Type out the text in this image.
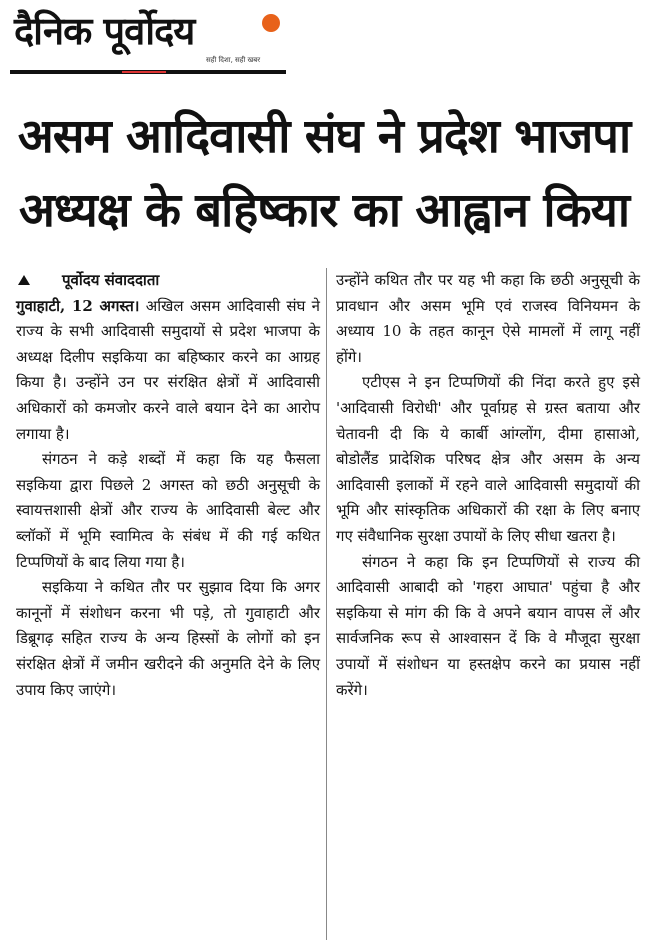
दैनिक पूर्वोदय
सही दिशा, सही खबर
असम आदिवासी संघ ने प्रदेश भाजपा
अध्यक्ष के बहिष्कार का आह्वान किया

पूर्वोदय संवाददाता

गुवाहाटी, 12 अगस्त। अखिल असम आदिवासी संघ ने राज्य के सभी आदिवासी समुदायों से प्रदेश भाजपा के अध्यक्ष दिलीप सइकिया का बहिष्कार करने का आग्रह किया है। उन्होंने उन पर संरक्षित क्षेत्रों में आदिवासी अधिकारों को कमजोर करने वाले बयान देने का आरोप लगाया है।

संगठन ने कड़े शब्दों में कहा कि यह फैसला सइकिया द्वारा पिछले 2 अगस्त को छठी अनुसूची के स्वायत्तशासी क्षेत्रों और राज्य के आदिवासी बेल्ट और ब्लॉकों में भूमि स्वामित्व के संबंध में की गई कथित टिप्पणियों के बाद लिया गया है।

सइकिया ने कथित तौर पर सुझाव दिया कि अगर कानूनों में संशोधन करना भी पड़े, तो गुवाहाटी और डिब्रूगढ़ सहित राज्य के अन्य हिस्सों के लोगों को इन संरक्षित क्षेत्रों में जमीन खरीदने की अनुमति देने के लिए उपाय किए जाएंगे।

उन्होंने कथित तौर पर यह भी कहा कि छठी अनुसूची के प्रावधान और असम भूमि एवं राजस्व विनियमन के अध्याय 10 के तहत कानून ऐसे मामलों में लागू नहीं होंगे।

एटीएस ने इन टिप्पणियों की निंदा करते हुए इसे 'आदिवासी विरोधी' और पूर्वाग्रह से ग्रस्त बताया और चेतावनी दी कि ये कार्बी आंग्लोंग, दीमा हासाओ, बोडोलैंड प्रादेशिक परिषद क्षेत्र और असम के अन्य आदिवासी इलाकों में रहने वाले आदिवासी समुदायों की भूमि और सांस्कृतिक अधिकारों की रक्षा के लिए बनाए गए संवैधानिक सुरक्षा उपायों के लिए सीधा खतरा है।

संगठन ने कहा कि इन टिप्पणियों से राज्य की आदिवासी आबादी को 'गहरा आघात' पहुंचा है और सइकिया से मांग की कि वे अपने बयान वापस लें और सार्वजनिक रूप से आश्वासन दें कि वे मौजूदा सुरक्षा उपायों में संशोधन या हस्तक्षेप करने का प्रयास नहीं करेंगे।
